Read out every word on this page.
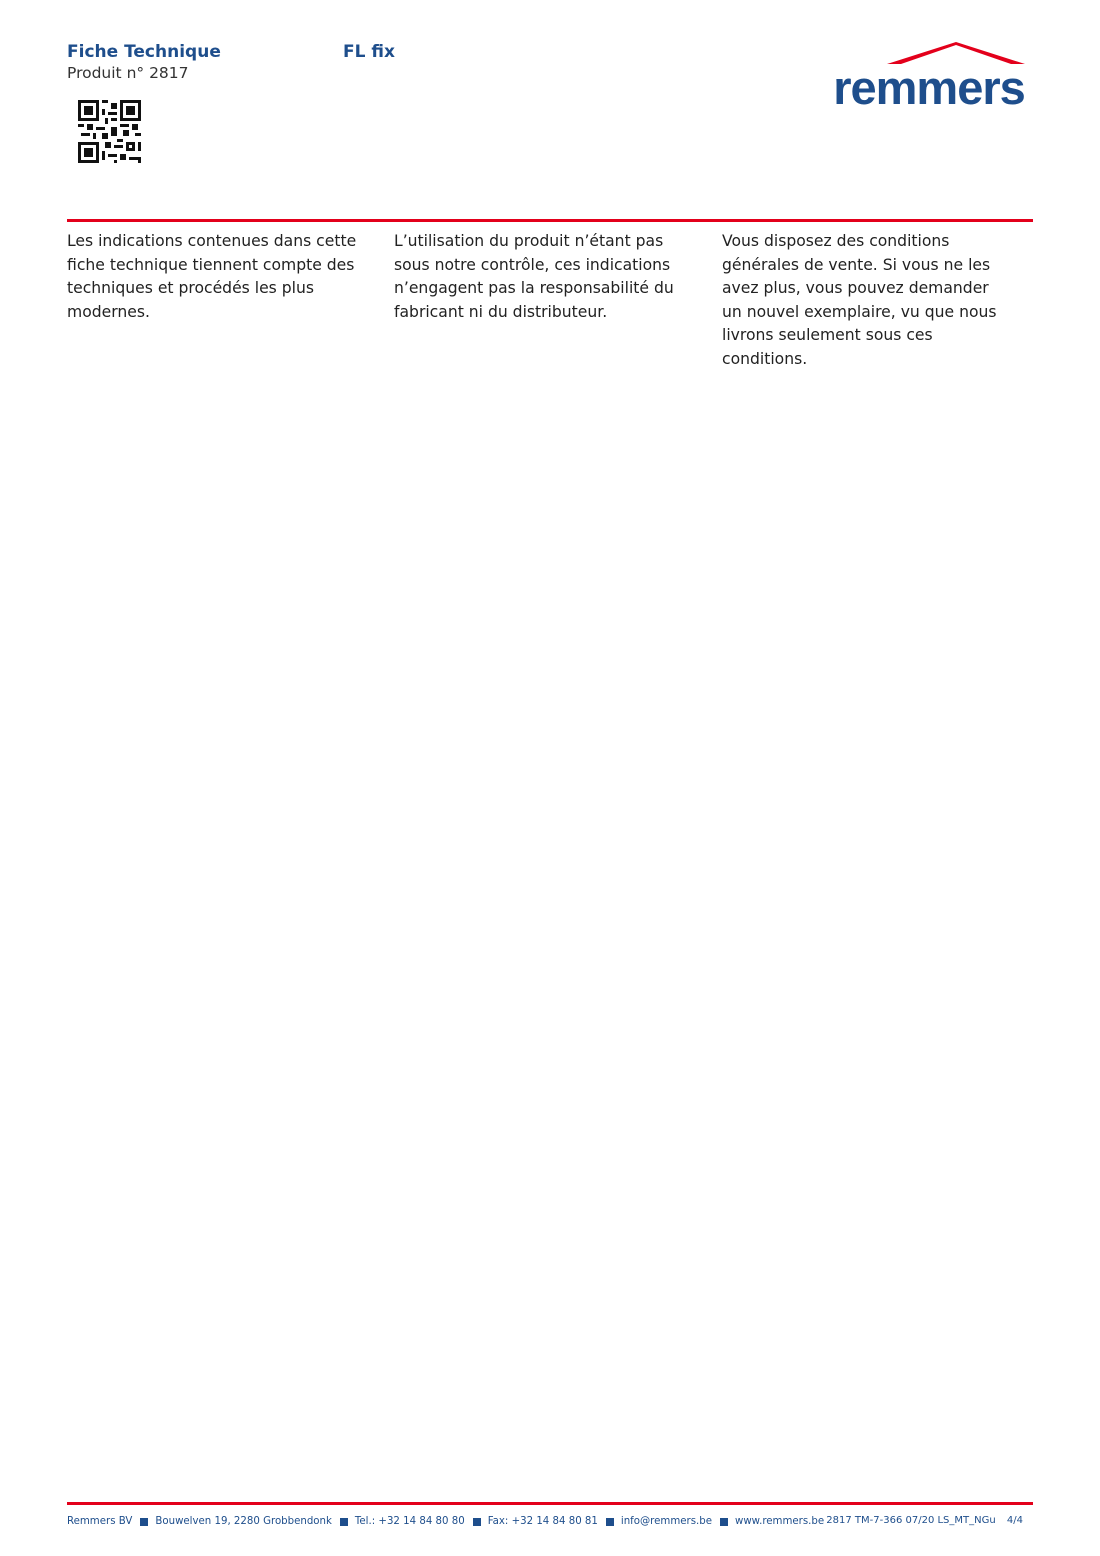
Fiche Technique
Produit n° 2817
FL fix
remmers
Les indications contenues dans cette fiche technique tiennent compte des techniques et procédés les plus modernes.
L’utilisation du produit n’étant pas sous notre contrôle, ces indications n’engagent pas la responsabilité du fabricant ni du distributeur.
Vous disposez des conditions générales de vente. Si vous ne les avez plus, vous pouvez demander un nouvel exemplaire, vu que nous livrons seulement sous ces conditions.
Remmers BV Bouwelven 19, 2280 Grobbendonk Tel.: +32 14 84 80 80 Fax: +32 14 84 80 81 info@remmers.be www.remmers.be 2817 TM-7-366 07/20 LS_MT_NGu 4/4
